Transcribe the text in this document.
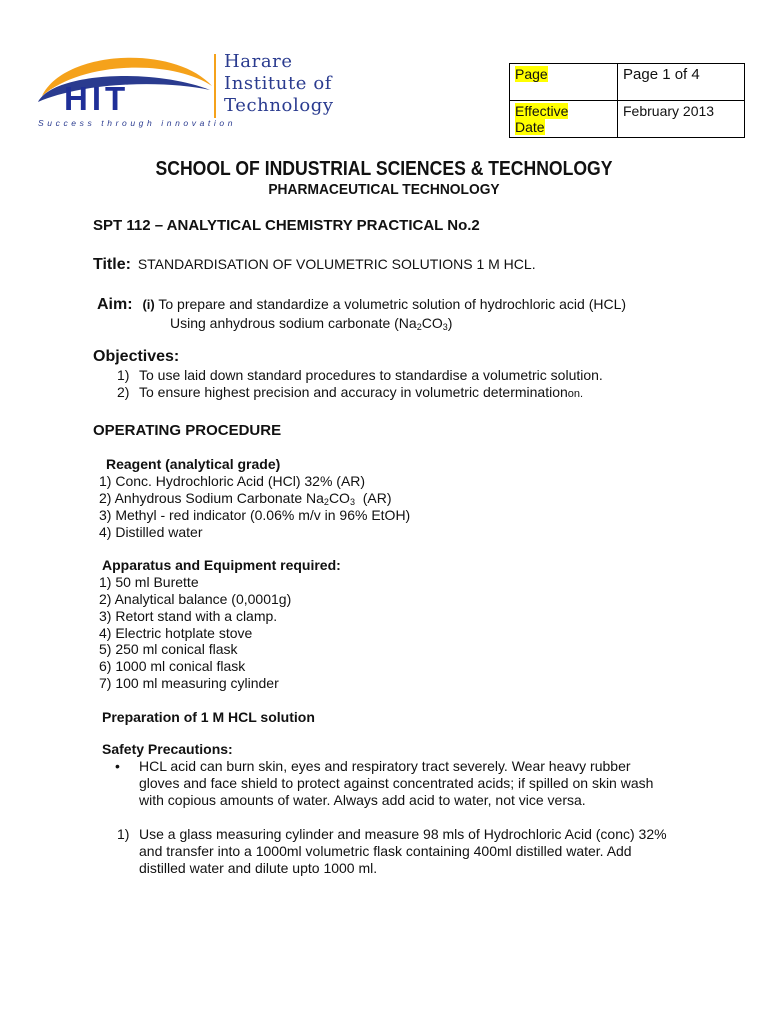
HIT
Harare
Institute of
Technology
Success through innovation
Page	Page 1 of 4
Effective
Date	February 2013
SCHOOL OF INDUSTRIAL SCIENCES & TECHNOLOGY
PHARMACEUTICAL TECHNOLOGY
SPT 112 – ANALYTICAL CHEMISTRY PRACTICAL No.2
Title: STANDARDISATION OF VOLUMETRIC SOLUTIONS 1 M HCL.
Aim: (i) To prepare and standardize a volumetric solution of hydrochloric acid (HCL)
Using anhydrous sodium carbonate $(Na_2CO_3)$
Objectives:
1) To use laid down standard procedures to standardise a volumetric solution.
2) To ensure highest precision and accuracy in volumetric determinationon.
OPERATING PROCEDURE
Reagent (analytical grade)
1) Conc. Hydrochloric Acid (HCl) 32% (AR)
2) Anhydrous Sodium Carbonate $Na_2CO_3$  (AR)
3) Methyl - red indicator (0.06% m/v in 96% EtOH)
4) Distilled water
Apparatus and Equipment required:
1) 50 ml Burette
2) Analytical balance (0,0001g)
3) Retort stand with a clamp.
4) Electric hotplate stove
5) 250 ml conical flask
6) 1000 ml conical flask
7) 100 ml measuring cylinder
Preparation of 1 M HCL solution
Safety Precautions:
• HCL acid can burn skin, eyes and respiratory tract severely. Wear heavy rubber
gloves and face shield to protect against concentrated acids; if spilled on skin wash
with copious amounts of water. Always add acid to water, not vice versa.
1) Use a glass measuring cylinder and measure 98 mls of Hydrochloric Acid (conc) 32%
and transfer into a 1000ml volumetric flask containing 400ml distilled water. Add
distilled water and dilute upto 1000 ml.
